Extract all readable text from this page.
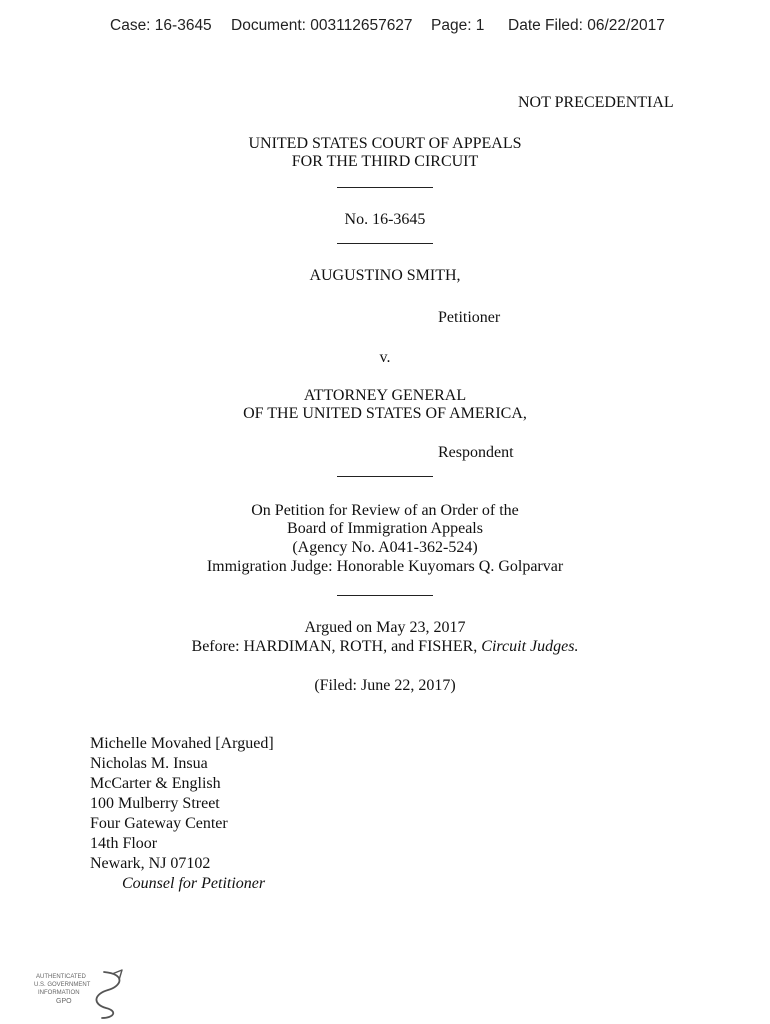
Case: 16-3645 Document: 003112657627 Page: 1 Date Filed: 06/22/2017
NOT PRECEDENTIAL
UNITED STATES COURT OF APPEALS
FOR THE THIRD CIRCUIT
No. 16-3645
AUGUSTINO SMITH,
Petitioner
v.
ATTORNEY GENERAL
OF THE UNITED STATES OF AMERICA,
Respondent
On Petition for Review of an Order of the
Board of Immigration Appeals
(Agency No. A041-362-524)
Immigration Judge: Honorable Kuyomars Q. Golparvar
Argued on May 23, 2017
Before: HARDIMAN, ROTH, and FISHER, Circuit Judges.
(Filed: June 22, 2017)
Michelle Movahed [Argued]
Nicholas M. Insua
McCarter & English
100 Mulberry Street
Four Gateway Center
14th Floor
Newark, NJ 07102
Counsel for Petitioner
AUTHENTICATED
U.S. GOVERNMENT
INFORMATION
GPO
